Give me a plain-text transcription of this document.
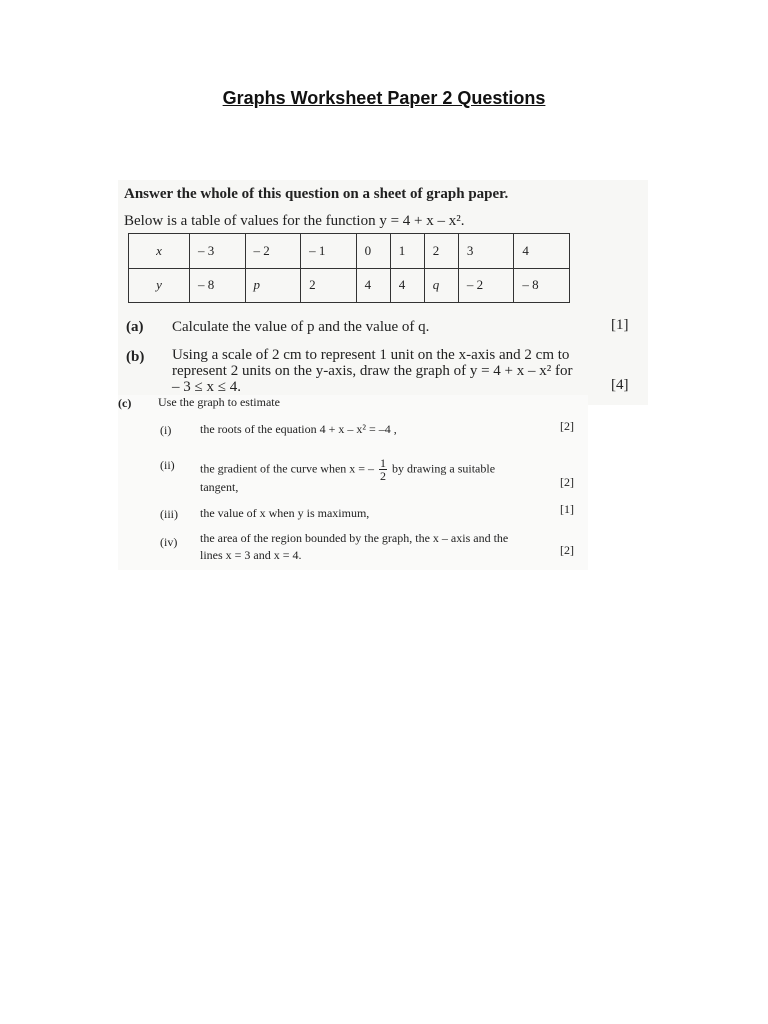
Graphs Worksheet Paper 2 Questions
Answer the whole of this question on a sheet of graph paper.
Below is a table of values for the function y = 4 + x – x².
x	– 3	– 2	– 1	0	1	2	3	4
y	– 8	p	2	4	4	q	– 2	– 8
(a) Calculate the value of p and the value of q.	[1]
(b) Using a scale of 2 cm to represent 1 unit on the x-axis and 2 cm to
represent 2 units on the y-axis, draw the graph of y = 4 + x – x² for
– 3 ≤ x ≤ 4.	[4]
(c) Use the graph to estimate
(i) the roots of the equation 4 + x – x² = –4 ,	[2]
(ii) the gradient of the curve when x = – $\frac{1}{2}$ by drawing a suitable
tangent,	[2]
(iii) the value of x when y is maximum,	[1]
(iv) the area of the region bounded by the graph, the x – axis and the
lines x = 3 and x = 4.	[2]
